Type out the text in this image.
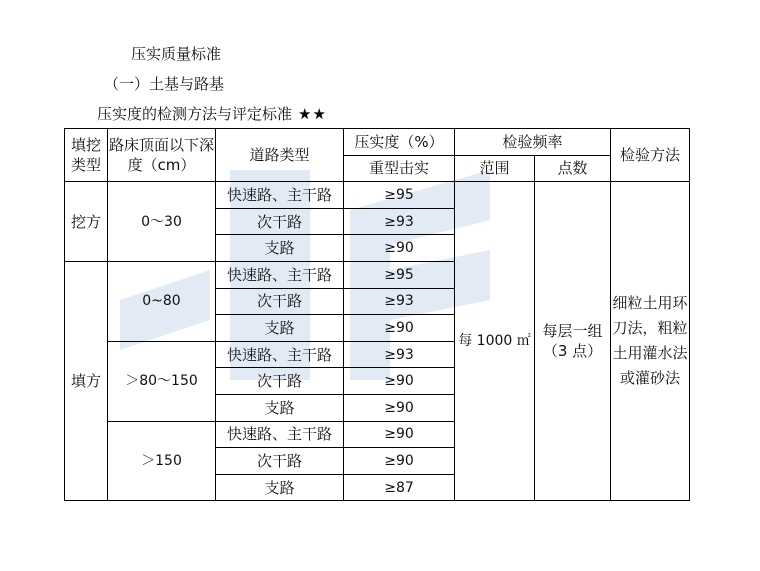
压实质量标准
（一）土基与路基
压实度的检测方法与评定标准 ★★
填挖类型	路床顶面以下深度（cm）	道路类型	压实度（%）	检验频率		检验方法
			重型击实	范围	点数	
挖方	0～30	快速路、主干路	≥95	每 1000 ㎡	每层一组（3 点）	细粒土用环刀法，粗粒土用灌水法或灌砂法
		次干路	≥93			
		支路	≥90			
填方	0~80	快速路、主干路	≥95			
		次干路	≥93			
		支路	≥90			
	＞80～150	快速路、主干路	≥93			
		次干路	≥90			
		支路	≥90			
	＞150	快速路、主干路	≥90			
		次干路	≥90			
		支路	≥87			
